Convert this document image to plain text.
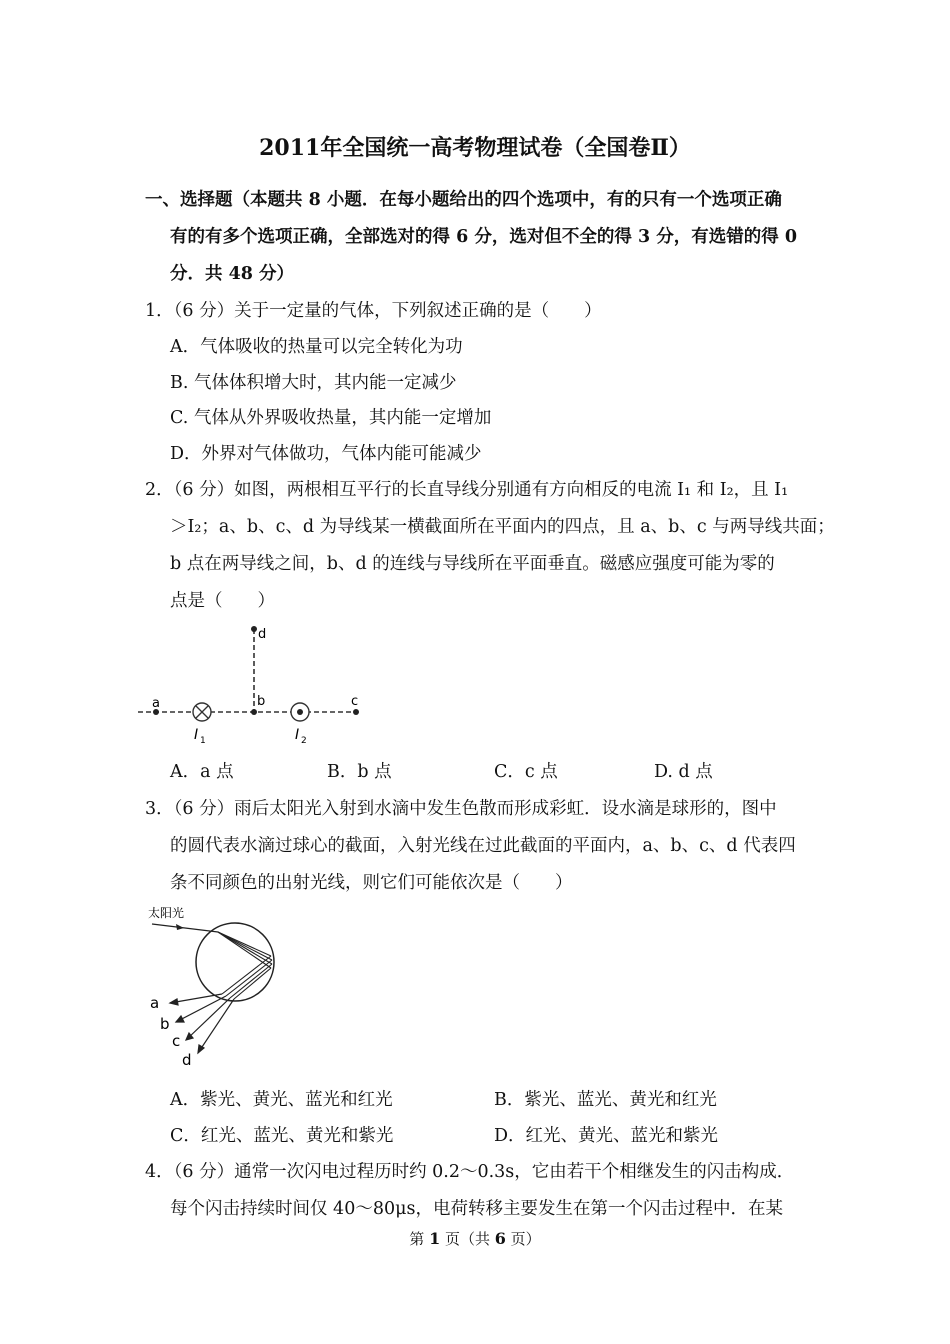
2011年全国统一高考物理试卷（全国卷Ⅱ）
一、选择题（本题共 8 小题．在每小题给出的四个选项中，有的只有一个选项正确
有的有多个选项正确，全部选对的得 6 分，选对但不全的得 3 分，有选错的得 0
分．共 48 分）
1．（6 分）关于一定量的气体，下列叙述正确的是（　　）
A．气体吸收的热量可以完全转化为功
B. 气体体积增大时，其内能一定减少
C. 气体从外界吸收热量，其内能一定增加
D．外界对气体做功，气体内能可能减少
2．（6 分）如图，两根相互平行的长直导线分别通有方向相反的电流 I₁ 和 I₂，且 I₁
＞I₂；a、b、c、d 为导线某一横截面所在平面内的四点，且 a、b、c 与两导线共面；
b 点在两导线之间，b、d 的连线与导线所在平面垂直。磁感应强度可能为零的
点是（　　）
a	b	c
d
I 1	I 2
A．a 点	B．b 点	C．c 点	D. d 点
3．（6 分）雨后太阳光入射到水滴中发生色散而形成彩虹．设水滴是球形的，图中
的圆代表水滴过球心的截面，入射光线在过此截面的平面内，a、b、c、d 代表四
条不同颜色的出射光线，则它们可能依次是（　　）
太阳光
a
b
c
d
A．紫光、黄光、蓝光和红光	B．紫光、蓝光、黄光和红光
C．红光、蓝光、黄光和紫光	D．红光、黄光、蓝光和紫光
4．（6 分）通常一次闪电过程历时约 0.2～0.3s，它由若干个相继发生的闪击构成．
每个闪击持续时间仅 40～80μs，电荷转移主要发生在第一个闪击过程中．在某
第 1 页（共 6 页）
